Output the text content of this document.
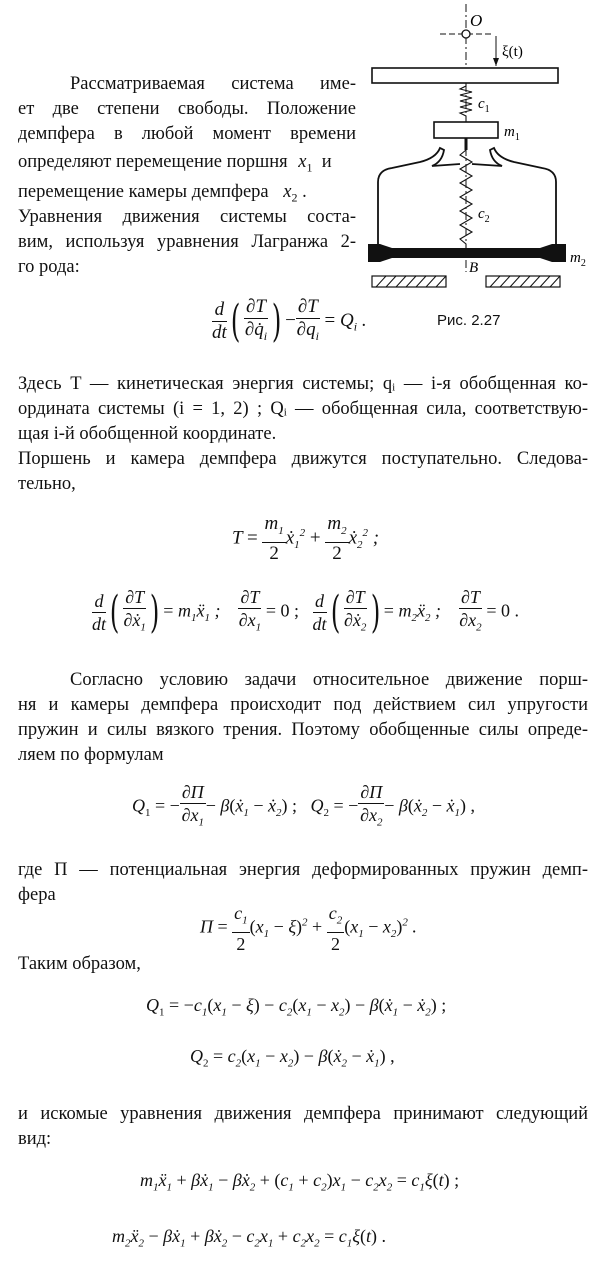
Рассматриваемая система име-
ет две степени свободы. Положение
демпфера в любой момент времени
определяют перемещение поршня $x_1$  и
перемещение камеры демпфера $x_2$ .
Уравнения движения системы соста-
вим, используя уравнения Лагранжа 2-
го рода:
O
ξ(t)
$c_1$
$m_1$
$c_2$
B
$m_2$
Рис. 2.27
$\frac{d}{dt}$ ( $\frac{\partial T}{\partial q̇_i}$ ) − $\frac{\partial T}{\partial q_i} = Q_i$ .
Здесь T — кинетическая энергия системы; qᵢ — i-я обобщенная ко-
ордината системы (i = 1, 2) ; Qᵢ — обобщенная сила, соответствую-
щая i-й обобщенной координате.
Поршень и камера демпфера движутся поступательно. Следова-
тельно,
$T = \frac{m_1}{2}$ ẋ$_1^2$ + $\frac{m_2}{2}$ ẋ$_2^2$ ;
$\frac{d}{dt}$ ( $\frac{\partial T}{\partial ẋ_1}$ ) = $m_1ẍ_1$ ; $\frac{\partial T}{\partial x_1} = 0$ ; $\frac{d}{dt}$ ( $\frac{\partial T}{\partial ẋ_2}$ ) = $m_2ẍ_2$ ; $\frac{\partial T}{\partial x_2} = 0$ .
Согласно условию задачи относительное движение порш-
ня и камеры демпфера происходит под действием сил упругости
пружин и силы вязкого трения. Поэтому обобщенные силы опреде-
ляем по формулам
$Q_1$ = − $\frac{\partial\Pi}{\partial x_1}$ − β(ẋ$_1$ − ẋ$_2$) ;   $Q_2$ = − $\frac{\partial\Pi}{\partial x_2}$ − β(ẋ$_2$ − ẋ$_1$) ,
где П — потенциальная энергия деформированных пружин демп-
фера
$\Pi = \frac{c_1}{2} (x_1 - \xi)^2 + \frac{c_2}{2} (x_1 - x_2)^2$ .
Таким образом,
$Q_1 = -c_1(x_1 - \xi) - c_2(x_1 - x_2)$ − β(ẋ$_1$ − ẋ$_2$) ;
$Q_2 = c_2(x_1 - x_2)$ − β(ẋ$_2$ − ẋ$_1$) ,
и искомые уравнения движения демпфера принимают следующий
вид:
$m_1ẍ_1$ + βẋ$_1$ − βẋ$_2$ + $(c_1 + c_2)x_1 - c_2x_2 = c_1\xi(t)$ ;
$m_2ẍ_2$ − βẋ$_1$ + βẋ$_2$ − $c_2x_1 + c_2x_2 = c_1\xi(t)$ .
